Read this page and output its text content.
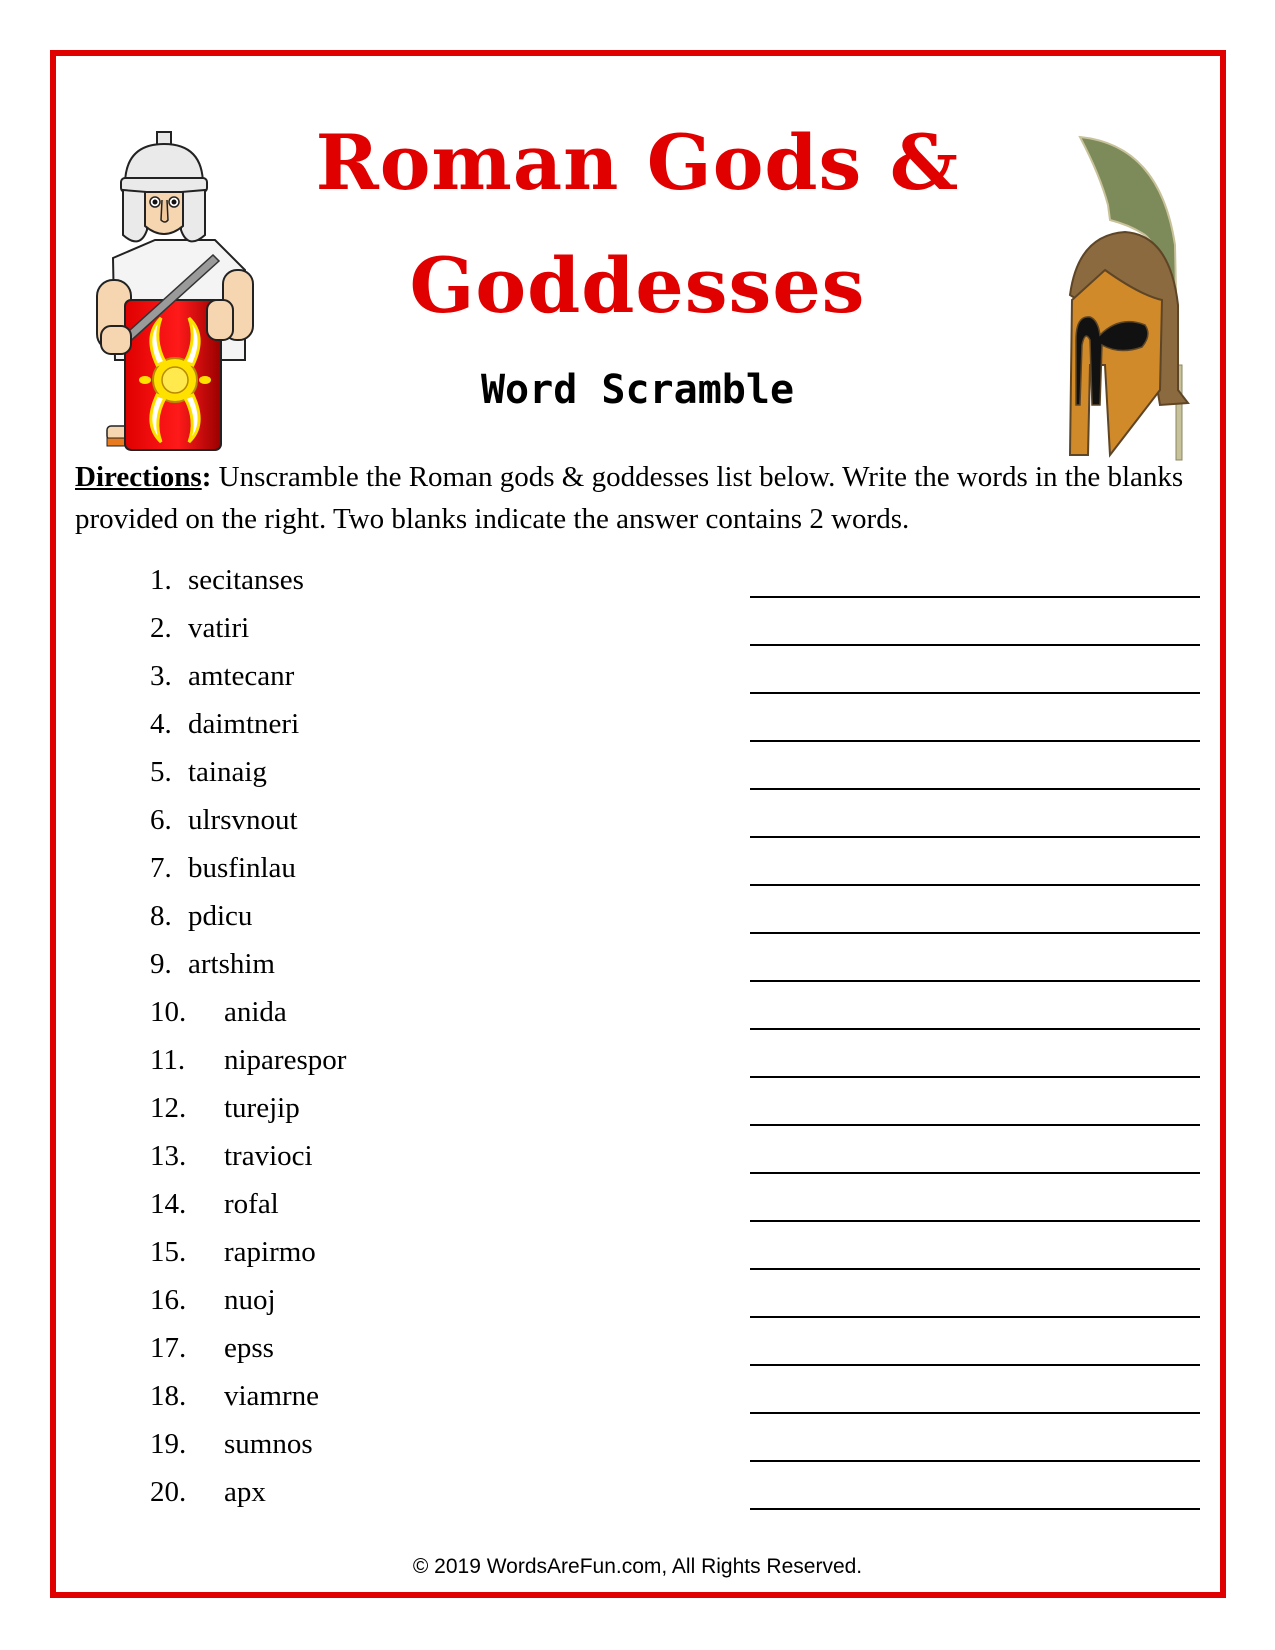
Roman Gods &
Goddesses
Word Scramble
Directions: Unscramble the Roman gods & goddesses list below. Write the words in the blanks provided on the right. Two blanks indicate the answer contains 2 words.
1. secitanses
2. vatiri
3. amtecanr
4. daimtneri
5. tainaig
6. ulrsvnout
7. busfinlau
8. pdicu
9. artshim
10. anida
11. niparespor
12. turejip
13. travioci
14. rofal
15. rapirmo
16. nuoj
17. epss
18. viamrne
19. sumnos
20. apx
© 2019 WordsAreFun.com, All Rights Reserved.
